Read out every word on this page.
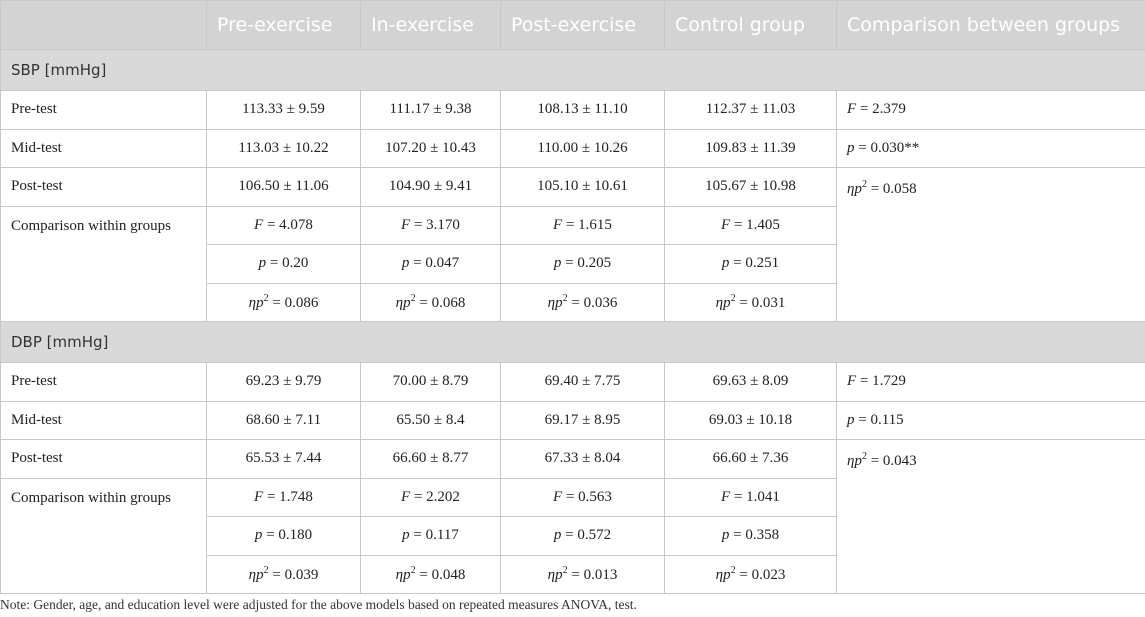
	Pre-exercise	In-exercise	Post-exercise	Control group	Comparison between groups
SBP [mmHg]					
Pre-test	113.33 ± 9.59	111.17 ± 9.38	108.13 ± 11.10	112.37 ± 11.03	F = 2.379
Mid-test	113.03 ± 10.22	107.20 ± 10.43	110.00 ± 10.26	109.83 ± 11.39	p = 0.030**
Post-test	106.50 ± 11.06	104.90 ± 9.41	105.10 ± 10.61	105.67 ± 10.98	$\eta p^2 = 0.058$
Comparison within groups	F = 4.078	F = 3.170	F = 1.615	F = 1.405	
	p = 0.20	p = 0.047	p = 0.205	p = 0.251	
	$\eta p^2 = 0.086$	$\eta p^2 = 0.068$	$\eta p^2 = 0.036$	$\eta p^2 = 0.031$	
DBP [mmHg]					
Pre-test	69.23 ± 9.79	70.00 ± 8.79	69.40 ± 7.75	69.63 ± 8.09	F = 1.729
Mid-test	68.60 ± 7.11	65.50 ± 8.4	69.17 ± 8.95	69.03 ± 10.18	p = 0.115
Post-test	65.53 ± 7.44	66.60 ± 8.77	67.33 ± 8.04	66.60 ± 7.36	$\eta p^2 = 0.043$
Comparison within groups	F = 1.748	F = 2.202	F = 0.563	F = 1.041	
	p = 0.180	p = 0.117	p = 0.572	p = 0.358	
	$\eta p^2 = 0.039$	$\eta p^2 = 0.048$	$\eta p^2 = 0.013$	$\eta p^2 = 0.023$	
Note: Gender, age, and education level were adjusted for the above models based on repeated measures ANOVA, test.
